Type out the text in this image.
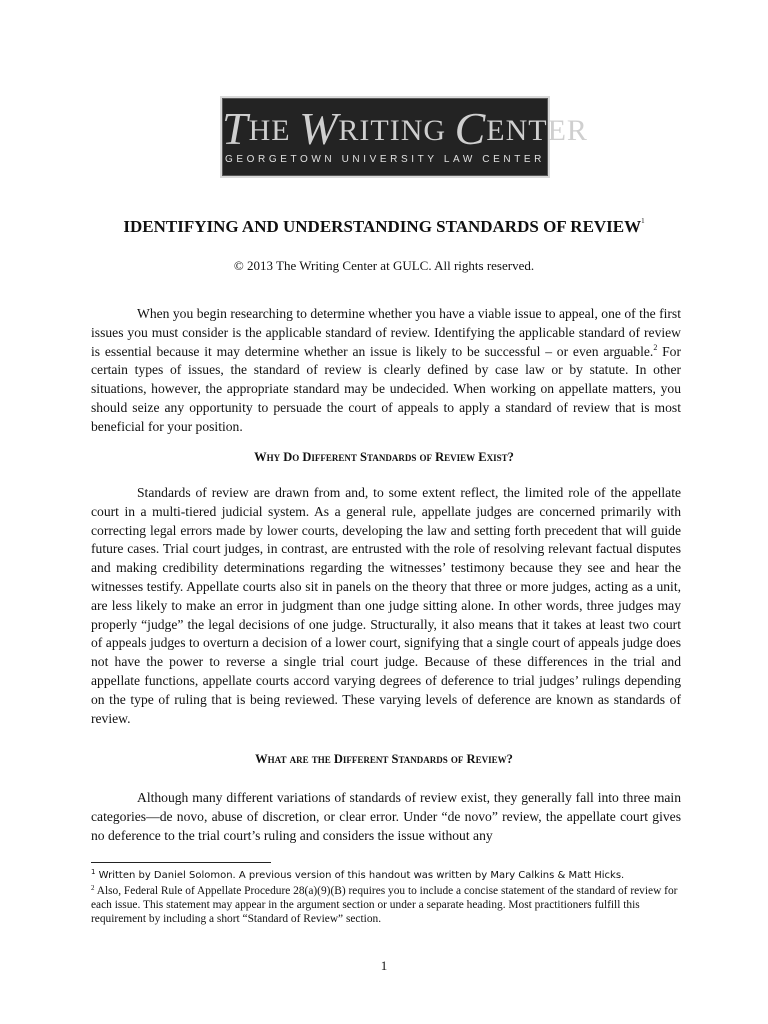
THE WRITING CENTER
GEORGETOWN UNIVERSITY LAW CENTER
IDENTIFYING AND UNDERSTANDING STANDARDS OF REVIEW$^1$
© 2013 The Writing Center at GULC. All rights reserved.

When you begin researching to determine whether you have a viable issue to appeal, one of the first issues you must consider is the applicable standard of review. Identifying the applicable standard of review is essential because it may determine whether an issue is likely to be successful – or even arguable.$^2$ For certain types of issues, the standard of review is clearly defined by case law or by statute. In other situations, however, the appropriate standard may be undecided. When working on appellate matters, you should seize any opportunity to persuade the court of appeals to apply a standard of review that is most beneficial for your position.

Why Do Different Standards of Review Exist?

Standards of review are drawn from and, to some extent reflect, the limited role of the appellate court in a multi-tiered judicial system. As a general rule, appellate judges are concerned primarily with correcting legal errors made by lower courts, developing the law and setting forth precedent that will guide future cases. Trial court judges, in contrast, are entrusted with the role of resolving relevant factual disputes and making credibility determinations regarding the witnesses’ testimony because they see and hear the witnesses testify. Appellate courts also sit in panels on the theory that three or more judges, acting as a unit, are less likely to make an error in judgment than one judge sitting alone. In other words, three judges may properly “judge” the legal decisions of one judge. Structurally, it also means that it takes at least two court of appeals judges to overturn a decision of a lower court, signifying that a single court of appeals judge does not have the power to reverse a single trial court judge. Because of these differences in the trial and appellate functions, appellate courts accord varying degrees of deference to trial judges’ rulings depending on the type of ruling that is being reviewed. These varying levels of deference are known as standards of review.

What are the Different Standards of Review?

Although many different variations of standards of review exist, they generally fall into three main categories—de novo, abuse of discretion, or clear error. Under “de novo” review, the appellate court gives no deference to the trial court’s ruling and considers the issue without any

$^1$ Written by Daniel Solomon. A previous version of this handout was written by Mary Calkins & Matt Hicks.

$^2$ Also, Federal Rule of Appellate Procedure 28(a)(9)(B) requires you to include a concise statement of the standard of review for each issue. This statement may appear in the argument section or under a separate heading. Most practitioners fulfill this requirement by including a short “Standard of Review” section.

1
